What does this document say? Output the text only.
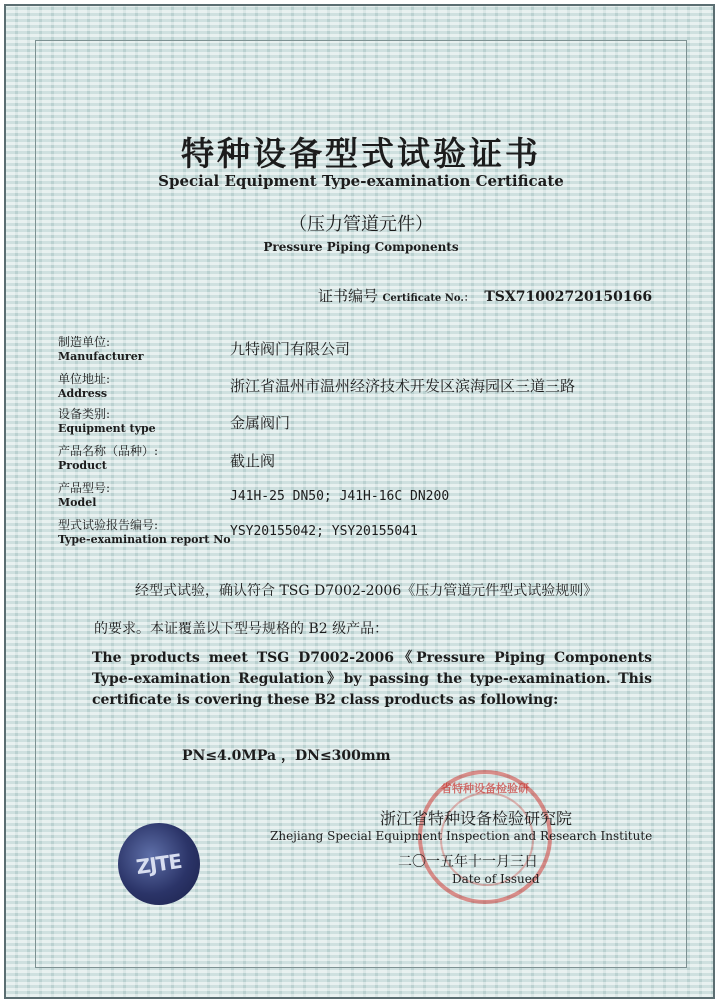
特种设备型式试验证书
Special Equipment Type-examination Certificate
（压力管道元件）
Pressure Piping Components
证书编号 Certificate No.： TSX71002720150166
制造单位:
Manufacturer	九特阀门有限公司
单位地址:
Address	浙江省温州市温州经济技术开发区滨海园区三道三路
设备类别:
Equipment type	金属阀门
产品名称（品种）:
Product	截止阀
产品型号:
Model	J41H-25 DN50; J41H-16C DN200
型式试验报告编号:
Type-examination report No
YSY20155042; YSY20155041
经型式试验，确认符合 TSG D7002-2006《压力管道元件型式试验规则》
的要求。本证覆盖以下型号规格的 B2 级产品：
The products meet TSG D7002-2006《Pressure Piping Components Type-examination Regulation》by passing the type-examination. This certificate is covering these B2 class products as following:
PN≤4.0MPa ，DN≤300mm
省特种设备检验研
ZJTE
浙江省特种设备检验研究院
Zhejiang Special Equipment Inspection and Research Institute
二〇一五年十一月三日
Date of Issued
